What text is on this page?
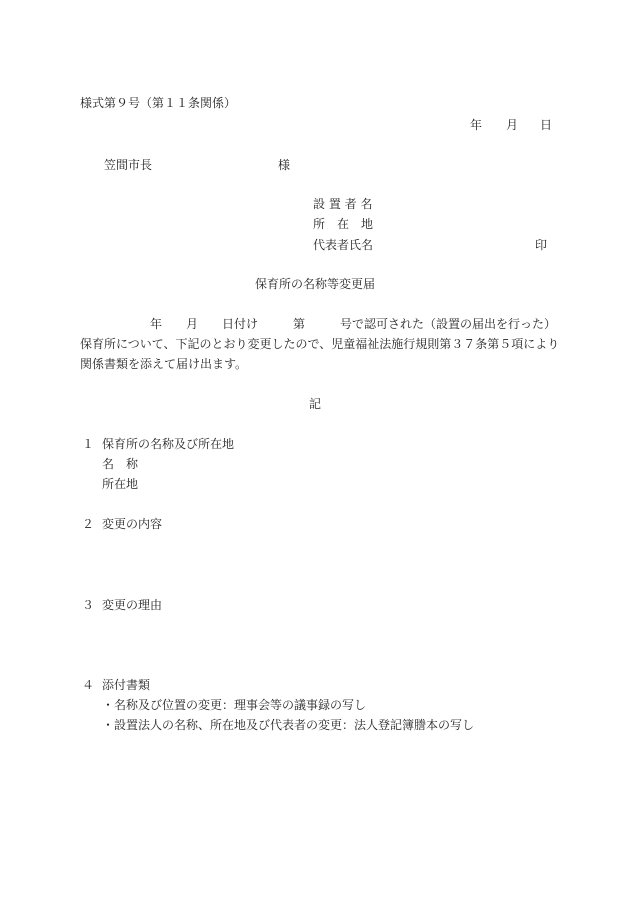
様式第９号（第１１条関係）
年 月 日
笠間市長	様
設 置 者 名
所　在　地
代表者氏名	印
保育所の名称等変更届
年 月 日付け	第	号で認可された（設置の届出を行った）
保育所について、下記のとおり変更したので、児童福祉法施行規則第３７条第５項により
関係書類を添えて届け出ます。
記
１ 保育所の名称及び所在地
名　称
所在地
２ 変更の内容
３ 変更の理由
４ 添付書類
・名称及び位置の変更：理事会等の議事録の写し
・設置法人の名称、所在地及び代表者の変更：法人登記簿謄本の写し
